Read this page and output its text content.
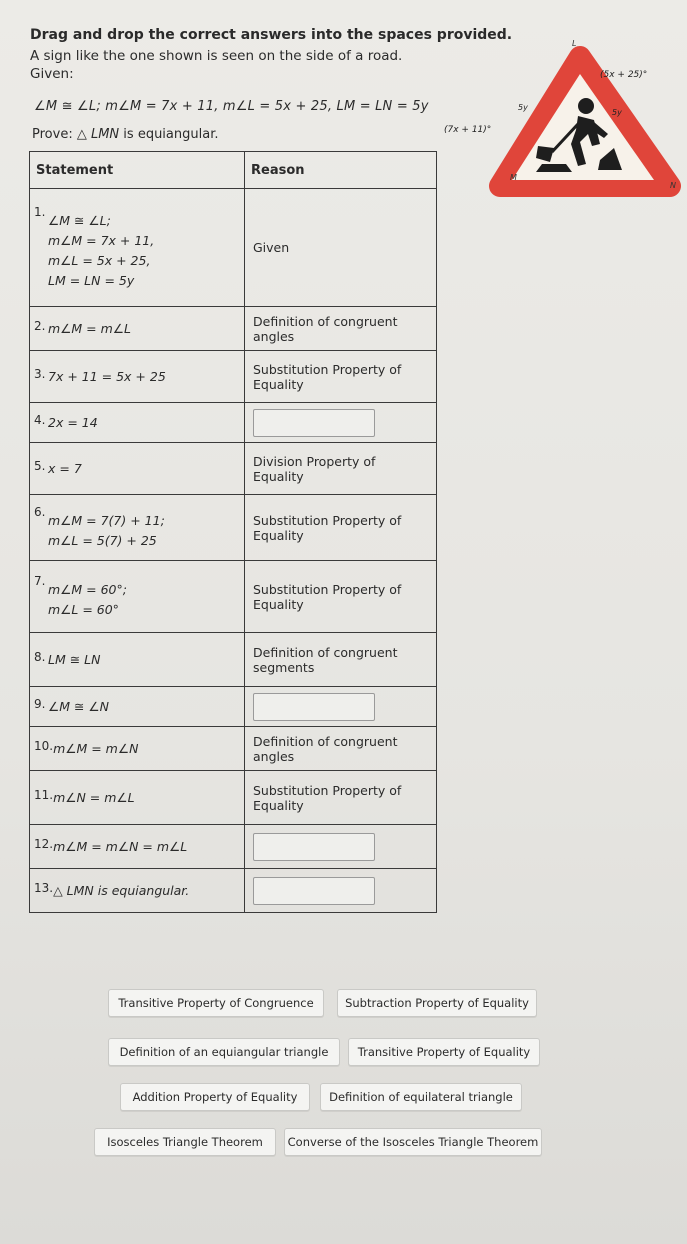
Drag and drop the correct answers into the spaces provided.
A sign like the one shown is seen on the side of a road.
Given:
∠M ≅ ∠L; m∠M = 7x + 11, m∠L = 5x + 25, LM = LN = 5y
Prove: △ LMN is equiangular.
L
M
N
(5x + 25)°
(7x + 11)°
5y
5y
Statement	Reason
1.
∠M ≅ ∠L;
m∠M = 7x + 11,
m∠L = 5x + 25,
LM = LN = 5y	Given
2. m∠M = m∠L	Definition of congruent angles
3. 7x + 11 = 5x + 25	Substitution Property of Equality
4. 2x = 14	

5. x = 7	Division Property of Equality
6.
m∠M = 7(7) + 11;
m∠L = 5(7) + 25	Substitution Property of Equality
7.
m∠M = 60°;
m∠L = 60°	Substitution Property of Equality
8. LM ≅ LN	Definition of congruent segments
9. ∠M ≅ ∠N	

10. m∠M = m∠N	Definition of congruent angles
11. m∠N = m∠L	Substitution Property of Equality
12. m∠M = m∠N = m∠L	

13. △ LMN is equiangular.	

Transitive Property of Congruence	Subtraction Property of Equality
Definition of an equiangular triangle	Transitive Property of Equality
Addition Property of Equality	Definition of equilateral triangle
Isosceles Triangle Theorem	Converse of the Isosceles Triangle Theorem
